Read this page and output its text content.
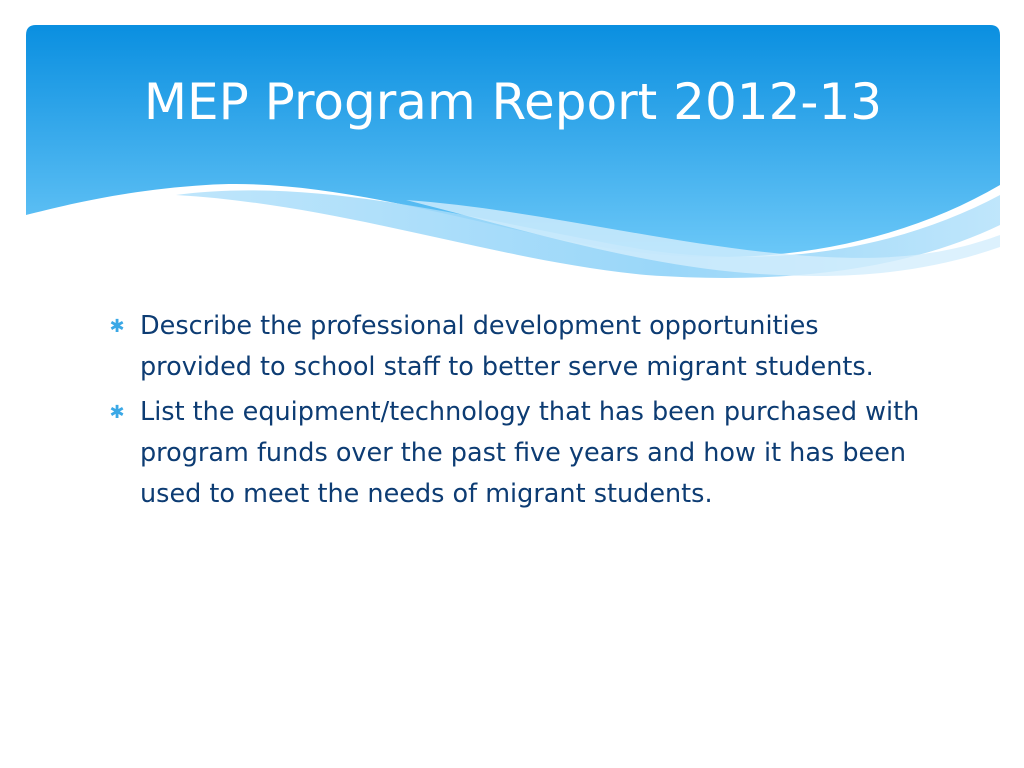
MEP Program Report 2012-13
✱ Describe the professional development opportunities provided to school staff to better serve migrant students.
✱ List the equipment/technology that has been purchased with program funds over the past five years and how it has been used to meet the needs of migrant students.
